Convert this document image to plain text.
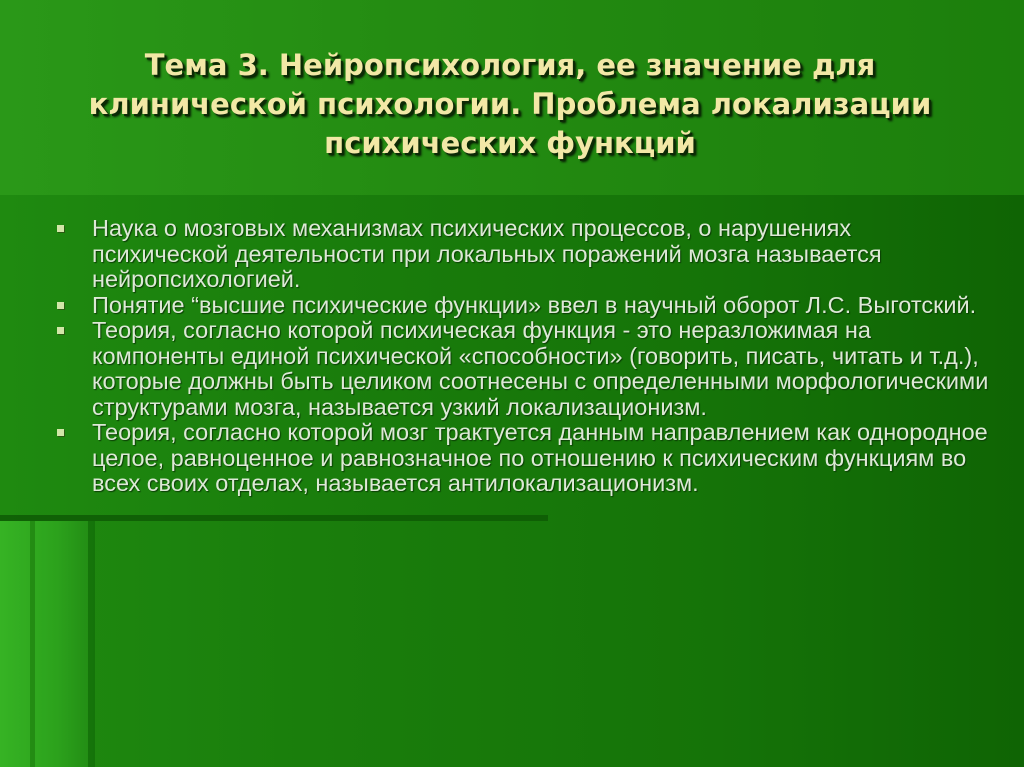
Тема 3. Нейропсихология, ее значение для клинической психологии. Проблема локализации психических функций
Наука о мозговых механизмах психических процессов, о нарушениях психической деятельности при локальных поражений мозга называется нейропсихологией.
Понятие “высшие психические функции» ввел в научный оборот Л.С. Выготский.
Теория, согласно которой психическая функция - это неразложимая на компоненты единой психической «способности» (говорить, писать, читать и т.д.), которые должны быть целиком соотнесены с определенными морфологическими структурами мозга, называется узкий локализационизм.
Теория, согласно которой мозг трактуется данным направлением как однородное целое, равноценное и равнозначное по отношению к психическим функциям во всех своих отделах, называется антилокализационизм.
